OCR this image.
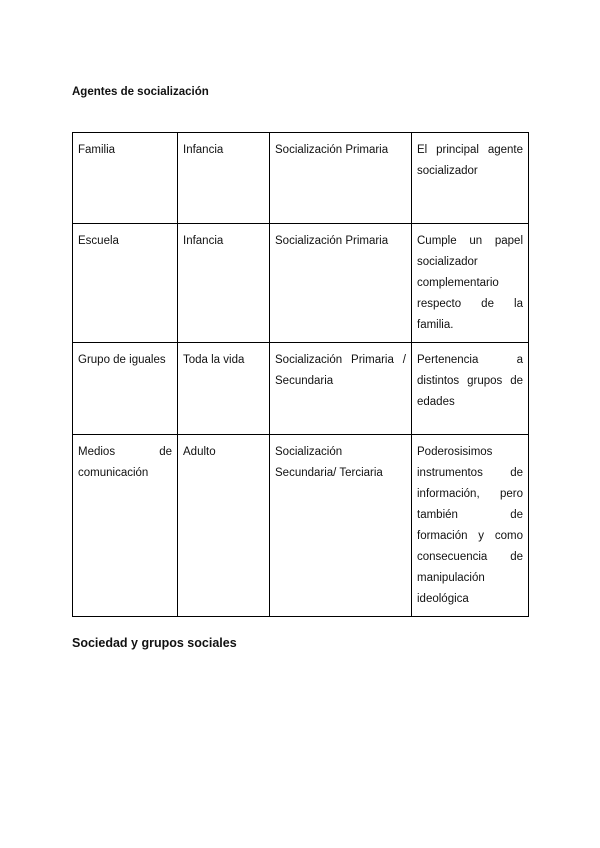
Agentes de socialización
Familia	Infancia	Socialización Primaria	El principal agente socializador
Escuela	Infancia	Socialización Primaria	Cumple un papel socializador complementario respecto de la familia.
Grupo de iguales	Toda la vida	Socialización Primaria / Secundaria	Pertenencia a distintos grupos de edades
Medios de comunicación	Adulto	Socialización Secundaria/ Terciaria	Poderosisimos instrumentos de información, pero también de formación y como consecuencia de manipulación ideológica
Sociedad y grupos sociales
